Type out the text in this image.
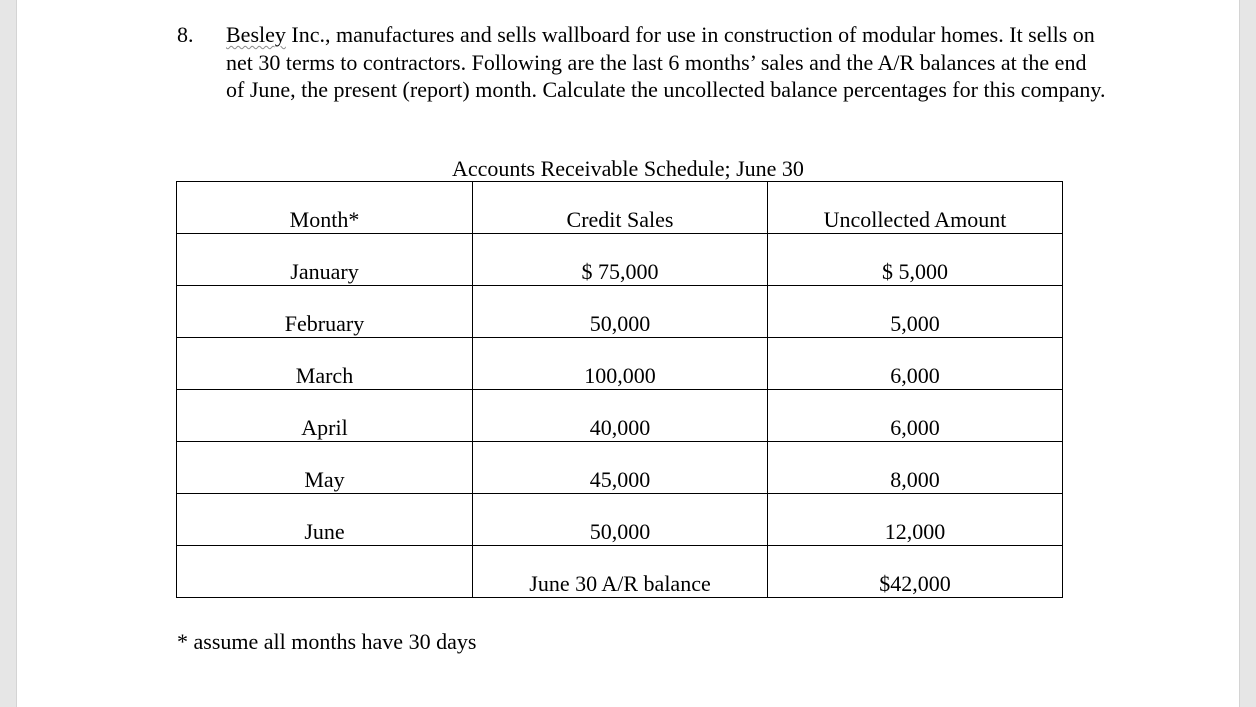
8. Besley Inc., manufactures and sells wallboard for use in construction of modular homes. It sells on net 30 terms to contractors. Following are the last 6 months’ sales and the A/R balances at the end of June, the present (report) month. Calculate the uncollected balance percentages for this company.

Accounts Receivable Schedule; June 30
Month*	Credit Sales	Uncollected Amount
January	$ 75,000	$ 5,000
February	50,000	5,000
March	100,000	6,000
April	40,000	6,000
May	45,000	8,000
June	50,000	12,000
	June 30 A/R balance	$42,000
* assume all months have 30 days
